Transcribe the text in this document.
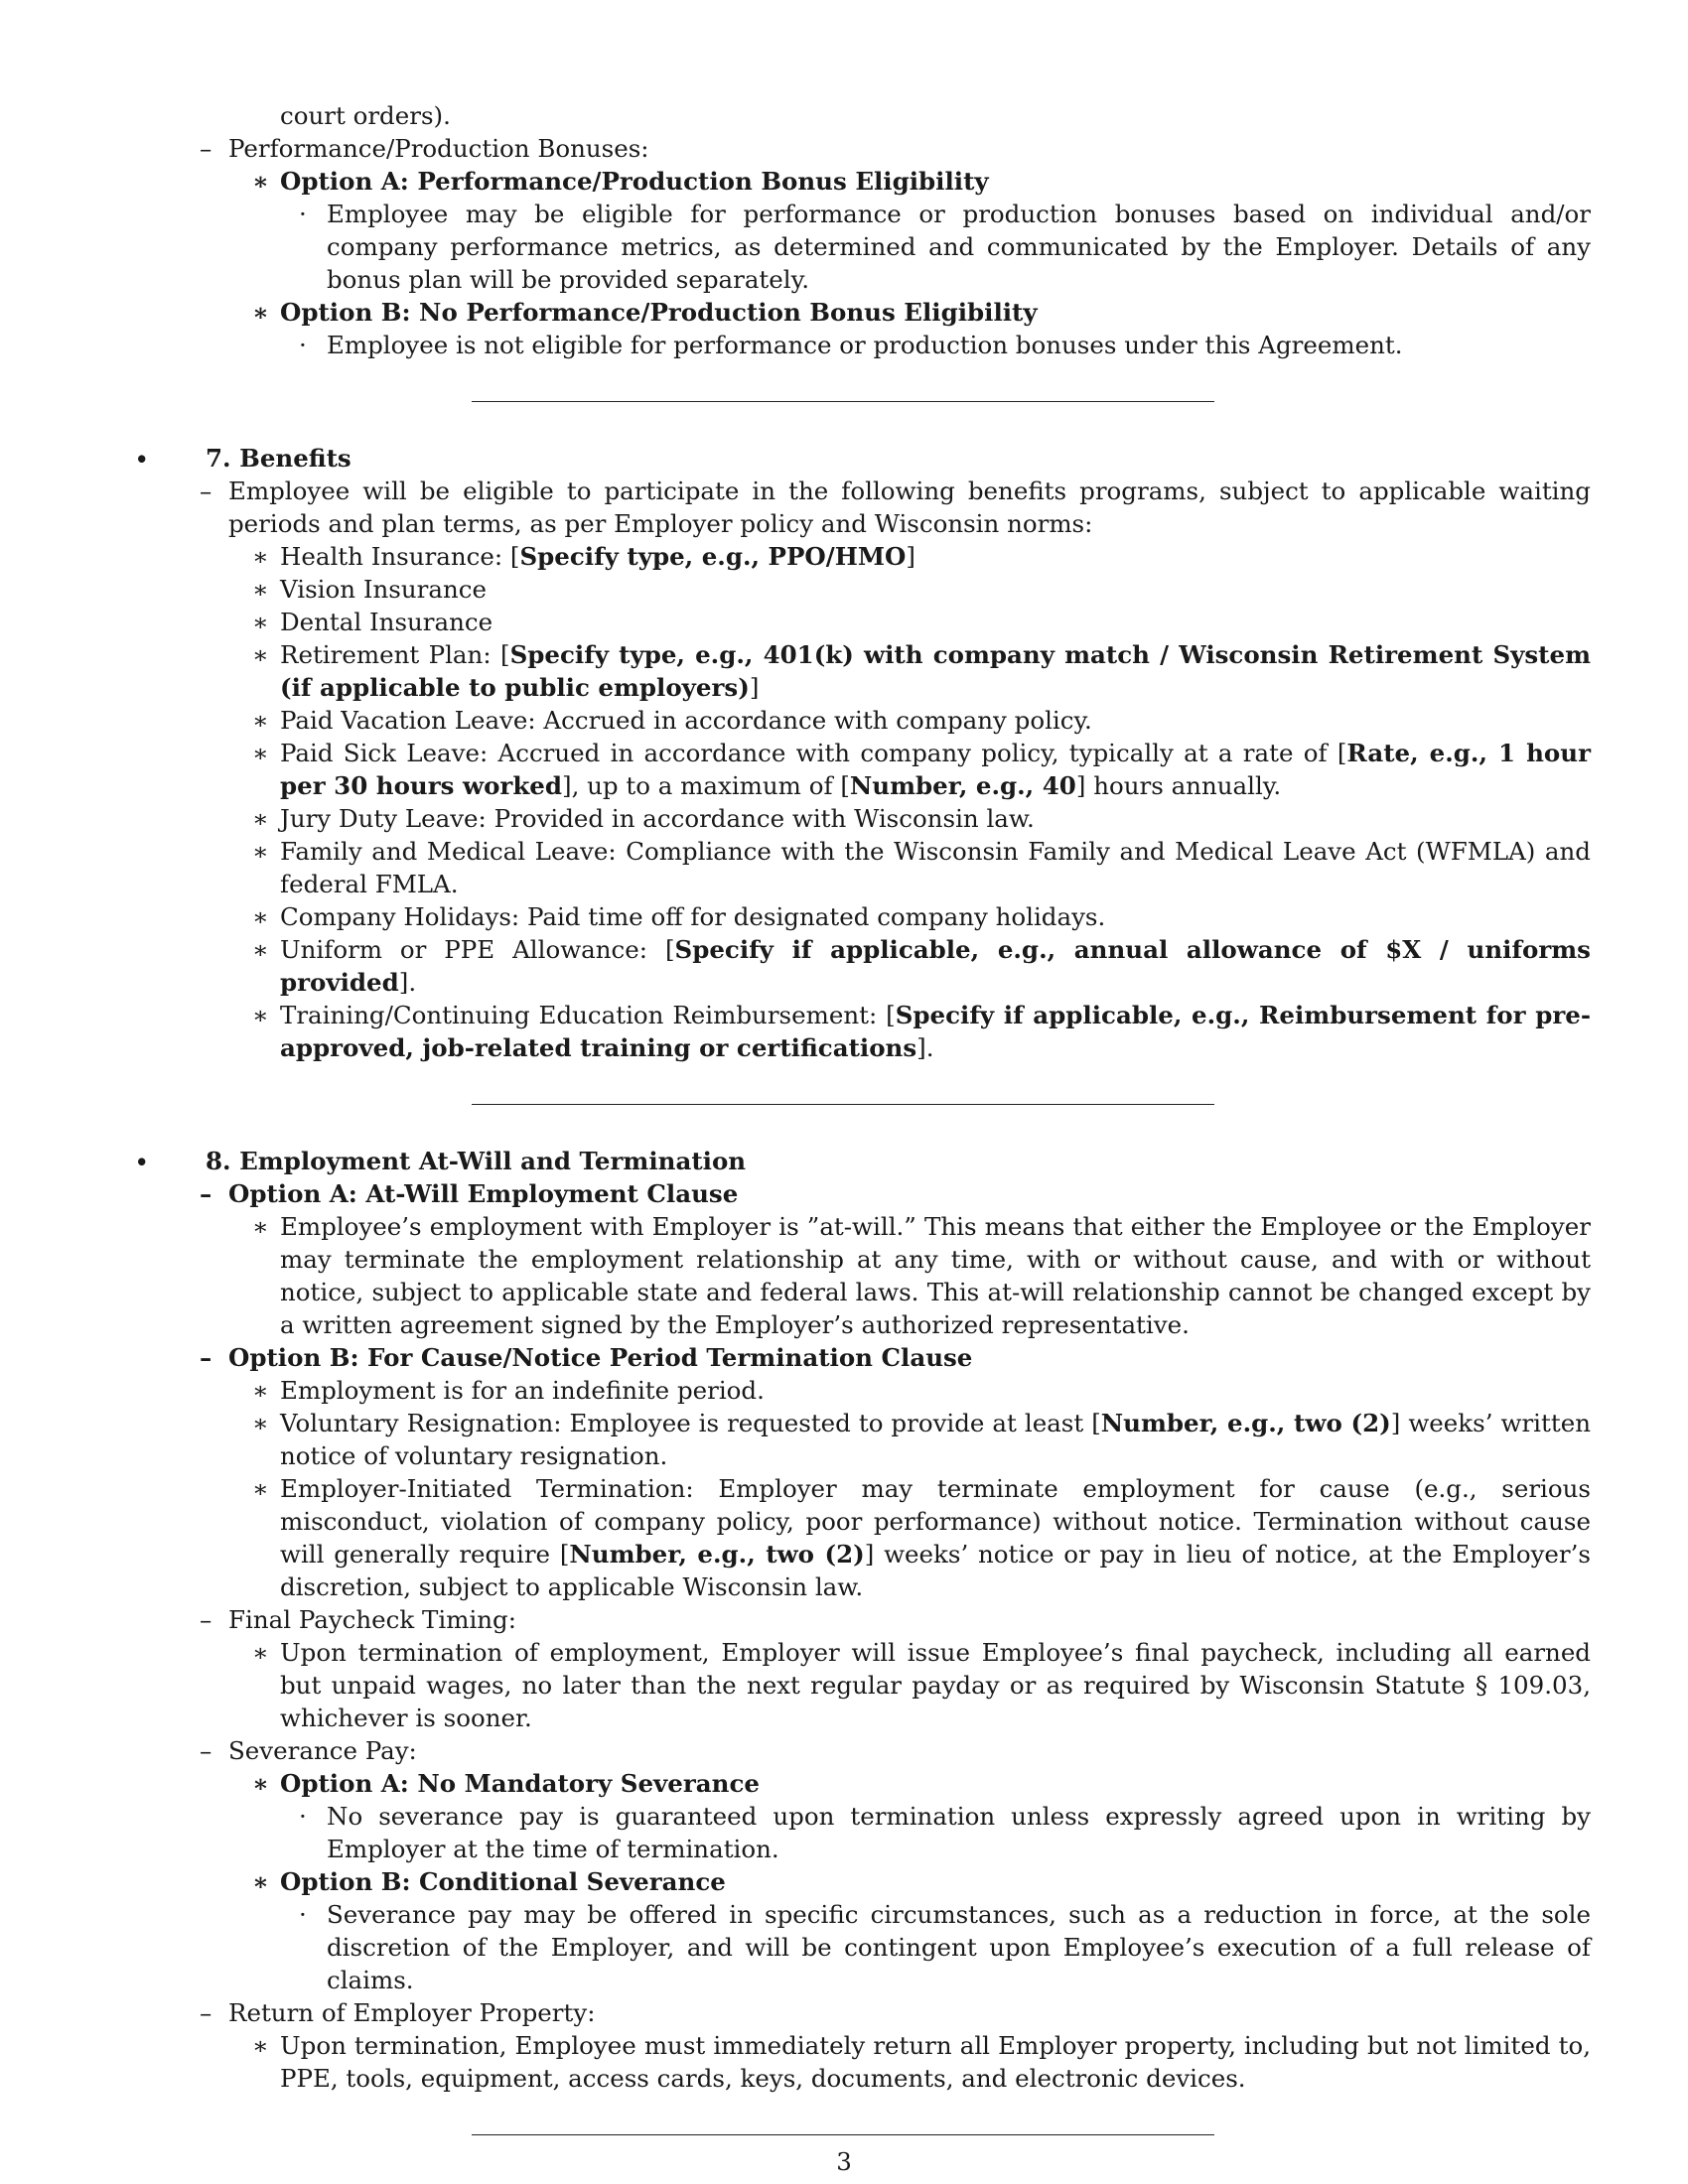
court orders).
– Performance/Production Bonuses:
∗ Option A: Performance/Production Bonus Eligibility
· Employee may be eligible for performance or production bonuses based on individual and/or company performance metrics, as determined and communicated by the Employer. Details of any bonus plan will be provided separately.
∗ Option B: No Performance/Production Bonus Eligibility
· Employee is not eligible for performance or production bonuses under this Agreement.
• 7. Benefits
– Employee will be eligible to participate in the following benefits programs, subject to applicable waiting periods and plan terms, as per Employer policy and Wisconsin norms:
∗ Health Insurance: [Specify type, e.g., PPO/HMO]
∗ Vision Insurance
∗ Dental Insurance
∗ Retirement Plan: [Specify type, e.g., 401(k) with company match / Wisconsin Retirement System (if applicable to public employers)]
∗ Paid Vacation Leave: Accrued in accordance with company policy.
∗ Paid Sick Leave: Accrued in accordance with company policy, typically at a rate of [Rate, e.g., 1 hour per 30 hours worked], up to a maximum of [Number, e.g., 40] hours annually.
∗ Jury Duty Leave: Provided in accordance with Wisconsin law.
∗ Family and Medical Leave: Compliance with the Wisconsin Family and Medical Leave Act (WFMLA) and federal FMLA.
∗ Company Holidays: Paid time off for designated company holidays.
∗ Uniform or PPE Allowance: [Specify if applicable, e.g., annual allowance of $X / uniforms provided].
∗ Training/Continuing Education Reimbursement: [Specify if applicable, e.g., Reimbursement for pre-approved, job-related training or certifications].
• 8. Employment At-Will and Termination
– Option A: At-Will Employment Clause
∗ Employee’s employment with Employer is ”at-will.” This means that either the Employee or the Employer may terminate the employment relationship at any time, with or without cause, and with or without notice, subject to applicable state and federal laws. This at-will relationship cannot be changed except by a written agreement signed by the Employer’s authorized representative.
– Option B: For Cause/Notice Period Termination Clause
∗ Employment is for an indefinite period.
∗ Voluntary Resignation: Employee is requested to provide at least [Number, e.g., two (2)] weeks’ written notice of voluntary resignation.
∗ Employer-Initiated Termination: Employer may terminate employment for cause (e.g., serious misconduct, violation of company policy, poor performance) without notice. Termination without cause will generally require [Number, e.g., two (2)] weeks’ notice or pay in lieu of notice, at the Employer’s discretion, subject to applicable Wisconsin law.
– Final Paycheck Timing:
∗ Upon termination of employment, Employer will issue Employee’s final paycheck, including all earned but unpaid wages, no later than the next regular payday or as required by Wisconsin Statute § 109.03, whichever is sooner.
– Severance Pay:
∗ Option A: No Mandatory Severance
· No severance pay is guaranteed upon termination unless expressly agreed upon in writing by Employer at the time of termination.
∗ Option B: Conditional Severance
· Severance pay may be offered in specific circumstances, such as a reduction in force, at the sole discretion of the Employer, and will be contingent upon Employee’s execution of a full release of claims.
– Return of Employer Property:
∗ Upon termination, Employee must immediately return all Employer property, including but not limited to, PPE, tools, equipment, access cards, keys, documents, and electronic devices.
3
